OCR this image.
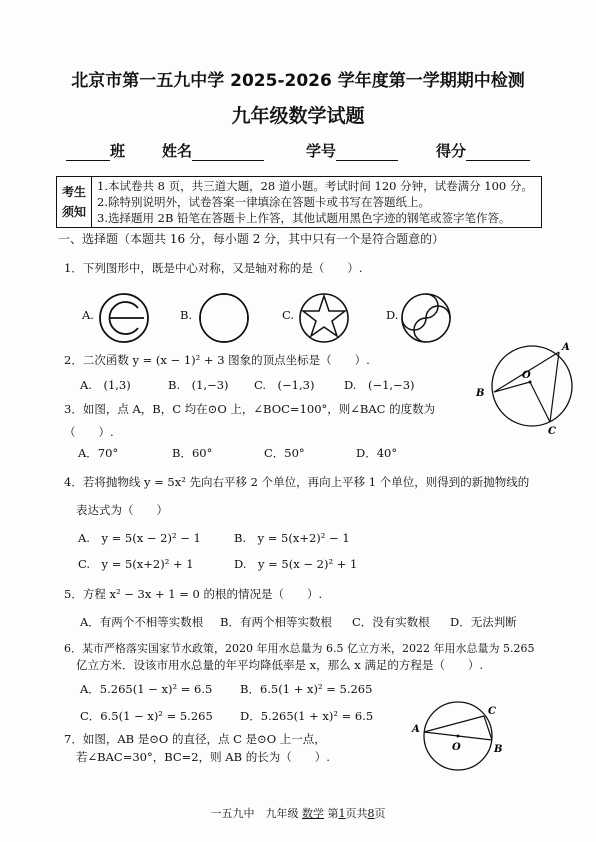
北京市第一五九中学 2025-2026 学年度第一学期期中检测
九年级数学试题
班 姓名	学号	得分
考生
须知
1.本试卷共 8 页，共三道大题，28 道小题。考试时间 120 分钟，试卷满分 100 分。
2.除特别说明外，试卷答案一律填涂在答题卡或书写在答题纸上。
3.选择题用 2B 铅笔在答题卡上作答，其他试题用黑色字迹的钢笔或签字笔作答。
一、选择题（本题共 16 分，每小题 2 分，其中只有一个是符合题意的）
1．下列图形中，既是中心对称，又是轴对称的是（　　）.
A.	B.	C.	D.
2．二次函数 y = (x − 1)² + 3 图象的顶点坐标是（　　）.
A.　(1,3)	B.　(1,−3) C.　(−1,3)	D.　(−1,−3)
A
B
C
O
3．如图，点 A，B，C 均在⊙O 上，∠BOC=100°，则∠BAC 的度数为
（　　）.
A．70°	B．60°	C．50°	D．40°
4．若将抛物线 y = 5x² 先向右平移 2 个单位，再向上平移 1 个单位，则得到的新抛物线的
表达式为（　　）
A.　y = 5(x − 2)² − 1	B.　y = 5(x+2)² − 1
C.　y = 5(x+2)² + 1	D.　y = 5(x − 2)² + 1
5．方程 x² − 3x + 1 = 0 的根的情况是（　　）.
A．有两个不相等实数根 B．有两个相等实数根 C．没有实数根 D．无法判断
6．某市严格落实国家节水政策，2020 年用水总量为 6.5 亿立方米，2022 年用水总量为 5.265
亿立方米．设该市用水总量的年平均降低率是 x，那么 x 满足的方程是（　　）.
A．5.265(1 − x)² = 6.5 B．6.5(1 + x)² = 5.265
C．6.5(1 − x)² = 5.265 D．5.265(1 + x)² = 6.5
7．如图，AB 是⊙O 的直径，点 C 是⊙O 上一点，
若∠BAC=30°，BC=2，则 AB 的长为（　　）.
A
B
C
O
一五九中　九年级 数学 第1页共8页
